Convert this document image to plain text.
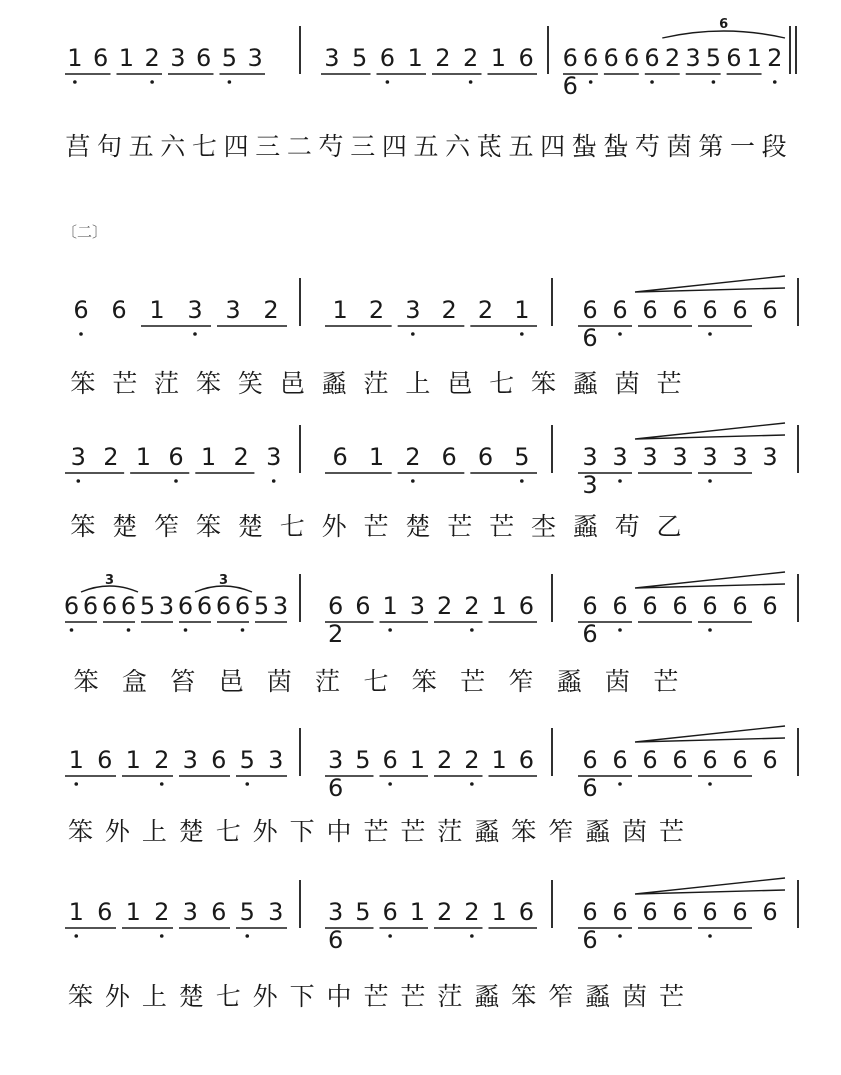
〔二〕
1 6 1 2 3 6 5 3	3 5 6 1 2 2 1 6 6 6 6 6 6 2 3 5 6 1 2
6
6
莒 句 五 六 七 四 三 二 芍 三 四 五 六 茋 五 四 蚻 蚻 芍 茵 第 一 段
6 6 1 3 3 2 1 2 3 2 2 1 6 6 6 6 6 6 6
6
笨 芒 茳 笨 笑 邑 蟸 茳 上 邑 七 笨 蟸 茵 芒
3 2 1 6 1 2 3 6 1 2 6 6 5 3 3 3 3 3 3 3
3
笨 楚 笮 笨 楚 七 外 芒 楚 芒 芒 杢 蟸 苟 乙
6 6 6 6 5 3 6 6 6 6 5 3
3	3
6 6 1 3 2 2 1 6
2
6 6 6 6 6 6 6
6
笨 盒 笞 邑 茵 茳 七 笨 芒 笮 蟸 茵 芒
1 6 1 2 3 6 5 3 3 5 6 1 2 2 1 6
6
6 6 6 6 6 6 6
6
笨 外 上 楚 七 外 下 中 芒 芒 茳 蟸 笨 笮 蟸 茵 芒
1 6 1 2 3 6 5 3 3 5 6 1 2 2 1 6
6
6 6 6 6 6 6 6
6
笨 外 上 楚 七 外 下 中 芒 芒 茳 蟸 笨 笮 蟸 茵 芒
